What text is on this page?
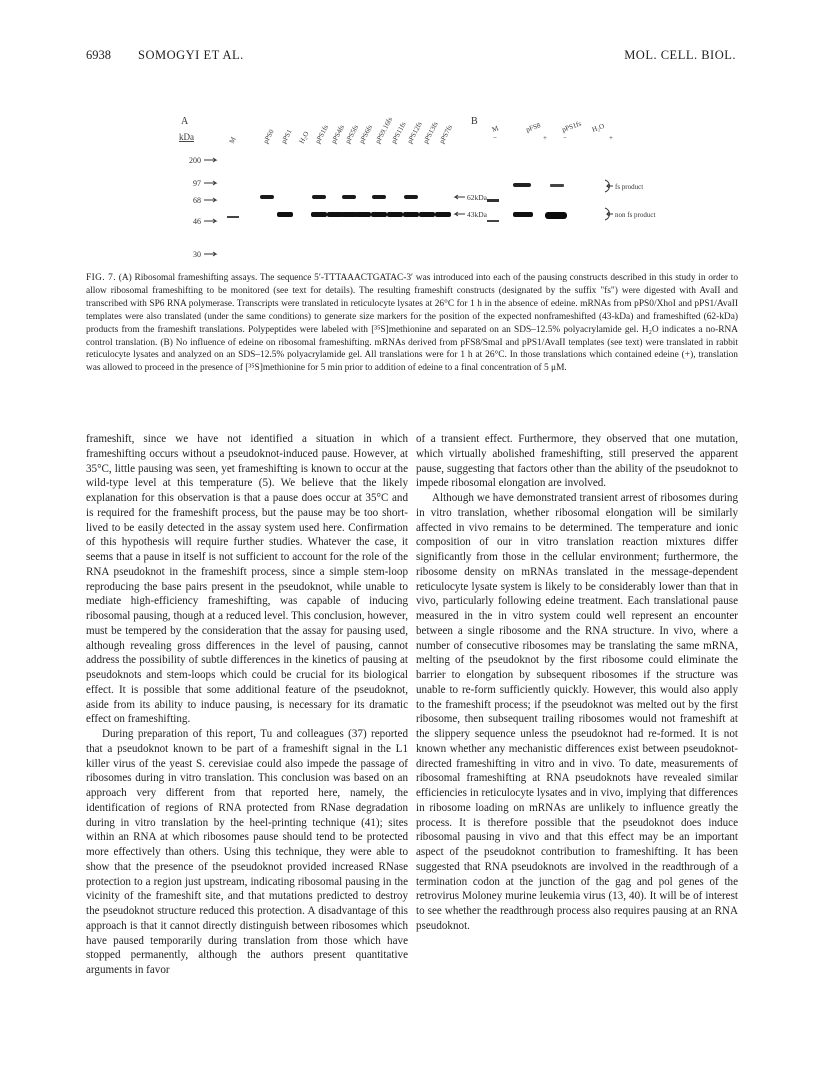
6938 SOMOGYI ET AL.	MOL. CELL. BIOL.
A
kDa
200
97
68
46
30
M	pPS0 pPS1 H₂O pPS1fs pPS4fs
pPS5fs
pPS6fs pPS9.16fs
pPS11fs
pPS12fs
pPS13fs
pPS7fs
62kDa
43kDa
B
M	pFS8	pPS1fs H₂O
−	+ −	+
fs product
non fs product
FIG. 7. (A) Ribosomal frameshifting assays. The sequence 5′-TTTAAACTGATAC-3′ was introduced into each of the pausing constructs described in this study in order to allow ribosomal frameshifting to be monitored (see text for details). The resulting frameshift constructs (designated by the suffix "fs") were digested with AvaII and transcribed with SP6 RNA polymerase. Transcripts were translated in reticulocyte lysates at 26°C for 1 h in the absence of edeine. mRNAs from pPS0/XhoI and pPS1/AvaII templates were also translated (under the same conditions) to generate size markers for the position of the expected nonframeshifted (43-kDa) and frameshifted (62-kDa) products from the frameshift translations. Polypeptides were labeled with [³⁵S]methionine and separated on an SDS–12.5% polyacrylamide gel. H₂O indicates a no-RNA control translation. (B) No influence of edeine on ribosomal frameshifting. mRNAs derived from pFS8/SmaI and pPS1/AvaII templates (see text) were translated in rabbit reticulocyte lysates and analyzed on an SDS–12.5% polyacrylamide gel. All translations were for 1 h at 26°C. In those translations which contained edeine (+), translation was allowed to proceed in the presence of [³⁵S]methionine for 5 min prior to addition of edeine to a final concentration of 5 μM.

frameshift, since we have not identified a situation in which frameshifting occurs without a pseudoknot-induced pause. However, at 35°C, little pausing was seen, yet frameshifting is known to occur at the wild-type level at this temperature (5). We believe that the likely explanation for this observation is that a pause does occur at 35°C and is required for the frameshift process, but the pause may be too short-lived to be easily detected in the assay system used here. Confirmation of this hypothesis will require further studies. Whatever the case, it seems that a pause in itself is not sufficient to account for the role of the RNA pseudoknot in the frameshift process, since a simple stem-loop reproducing the base pairs present in the pseudoknot, while unable to mediate high-efficiency frameshifting, was capable of inducing ribosomal pausing, though at a reduced level. This conclusion, however, must be tempered by the consideration that the assay for pausing used, although revealing gross differences in the level of pausing, cannot address the possibility of subtle differences in the kinetics of pausing at pseudoknots and stem-loops which could be crucial for its biological effect. It is possible that some additional feature of the pseudoknot, aside from its ability to induce pausing, is necessary for its dramatic effect on frameshifting.

During preparation of this report, Tu and colleagues (37) reported that a pseudoknot known to be part of a frameshift signal in the L1 killer virus of the yeast S. cerevisiae could also impede the passage of ribosomes during in vitro translation. This conclusion was based on an approach very different from that reported here, namely, the identification of regions of RNA protected from RNase degradation during in vitro translation by the heel-printing technique (41); sites within an RNA at which ribosomes pause should tend to be protected more effectively than others. Using this technique, they were able to show that the presence of the pseudoknot provided increased RNase protection to a region just upstream, indicating ribosomal pausing in the vicinity of the frameshift site, and that mutations predicted to destroy the pseudoknot structure reduced this protection. A disadvantage of this approach is that it cannot directly distinguish between ribosomes which have paused temporarily during translation from those which have stopped permanently, although the authors present quantitative arguments in favor

of a transient effect. Furthermore, they observed that one mutation, which virtually abolished frameshifting, still preserved the apparent pause, suggesting that factors other than the ability of the pseudoknot to impede ribosomal elongation are involved.

Although we have demonstrated transient arrest of ribosomes during in vitro translation, whether ribosomal elongation will be similarly affected in vivo remains to be determined. The temperature and ionic composition of our in vitro translation reaction mixtures differ significantly from those in the cellular environment; furthermore, the ribosome density on mRNAs translated in the message-dependent reticulocyte lysate system is likely to be considerably lower than that in vivo, particularly following edeine treatment. Each translational pause measured in the in vitro system could well represent an encounter between a single ribosome and the RNA structure. In vivo, where a number of consecutive ribosomes may be translating the same mRNA, melting of the pseudoknot by the first ribosome could eliminate the barrier to elongation by subsequent ribosomes if the structure was unable to re-form sufficiently quickly. However, this would also apply to the frameshift process; if the pseudoknot was melted out by the first ribosome, then subsequent trailing ribosomes would not frameshift at the slippery sequence unless the pseudoknot had re-formed. It is not known whether any mechanistic differences exist between pseudoknot-directed frameshifting in vitro and in vivo. To date, measurements of ribosomal frameshifting at RNA pseudoknots have revealed similar efficiencies in reticulocyte lysates and in vivo, implying that differences in ribosome loading on mRNAs are unlikely to influence greatly the process. It is therefore possible that the pseudoknot does induce ribosomal pausing in vivo and that this effect may be an important aspect of the pseudoknot contribution to frameshifting. It has been suggested that RNA pseudoknots are involved in the readthrough of a termination codon at the junction of the gag and pol genes of the retrovirus Moloney murine leukemia virus (13, 40). It will be of interest to see whether the readthrough process also requires pausing at an RNA pseudoknot.
